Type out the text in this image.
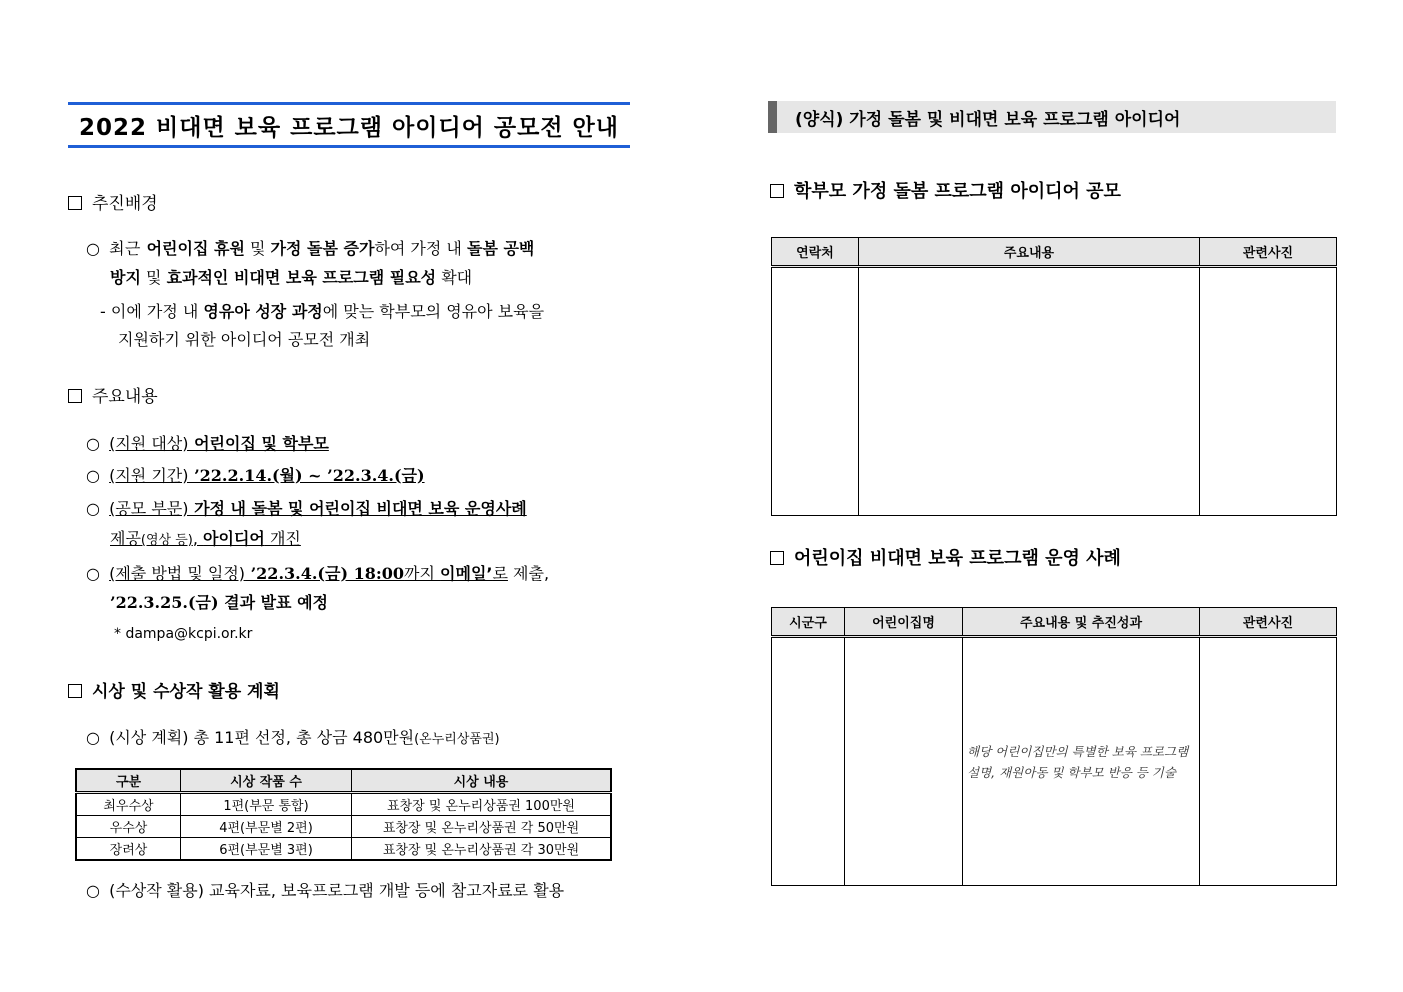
2022 비대면 보육 프로그램 아이디어 공모전 안내
추진배경
○ 최근 어린이집 휴원 및 가정 돌봄 증가하여 가정 내 돌봄 공백
방지 및 효과적인 비대면 보육 프로그램 필요성 확대
- 이에 가정 내 영유아 성장 과정에 맞는 학부모의 영유아 보육을
지원하기 위한 아이디어 공모전 개최
주요내용
○ (지원 대상) 어린이집 및 학부모
○ (지원 기간) ’22.2.14.(월) ~ ’22.3.4.(금)
○ (공모 부문) 가정 내 돌봄 및 어린이집 비대면 보육 운영사례
제공(영상 등), 아이디어 개진
○ (제출 방법 및 일정) ’22.3.4.(금) 18:00까지 이메일’로 제출,
’22.3.25.(금) 결과 발표 예정
* dampa@kcpi.or.kr
시상 및 수상작 활용 계획
○ (시상 계획) 총 11편 선정, 총 상금 480만원(온누리상품권)
구분	시상 작품 수	시상 내용
최우수상	1편(부문 통합)	표창장 및 온누리상품권 100만원
우수상	4편(부문별 2편)	표창장 및 온누리상품권 각 50만원
장려상	6편(부문별 3편)	표창장 및 온누리상품권 각 30만원
○ (수상작 활용) 교육자료, 보육프로그램 개발 등에 참고자료로 활용
(양식) 가정 돌봄 및 비대면 보육 프로그램 아이디어
학부모 가정 돌봄 프로그램 아이디어 공모
연락처	주요내용	관련사진

어린이집 비대면 보육 프로그램 운영 사례
시군구	어린이집명	주요내용 및 추진성과	관련사진

		해당 어린이집만의 특별한 보육 프로그램 설명, 재원아동 및 학부모 반응 등 기술	
